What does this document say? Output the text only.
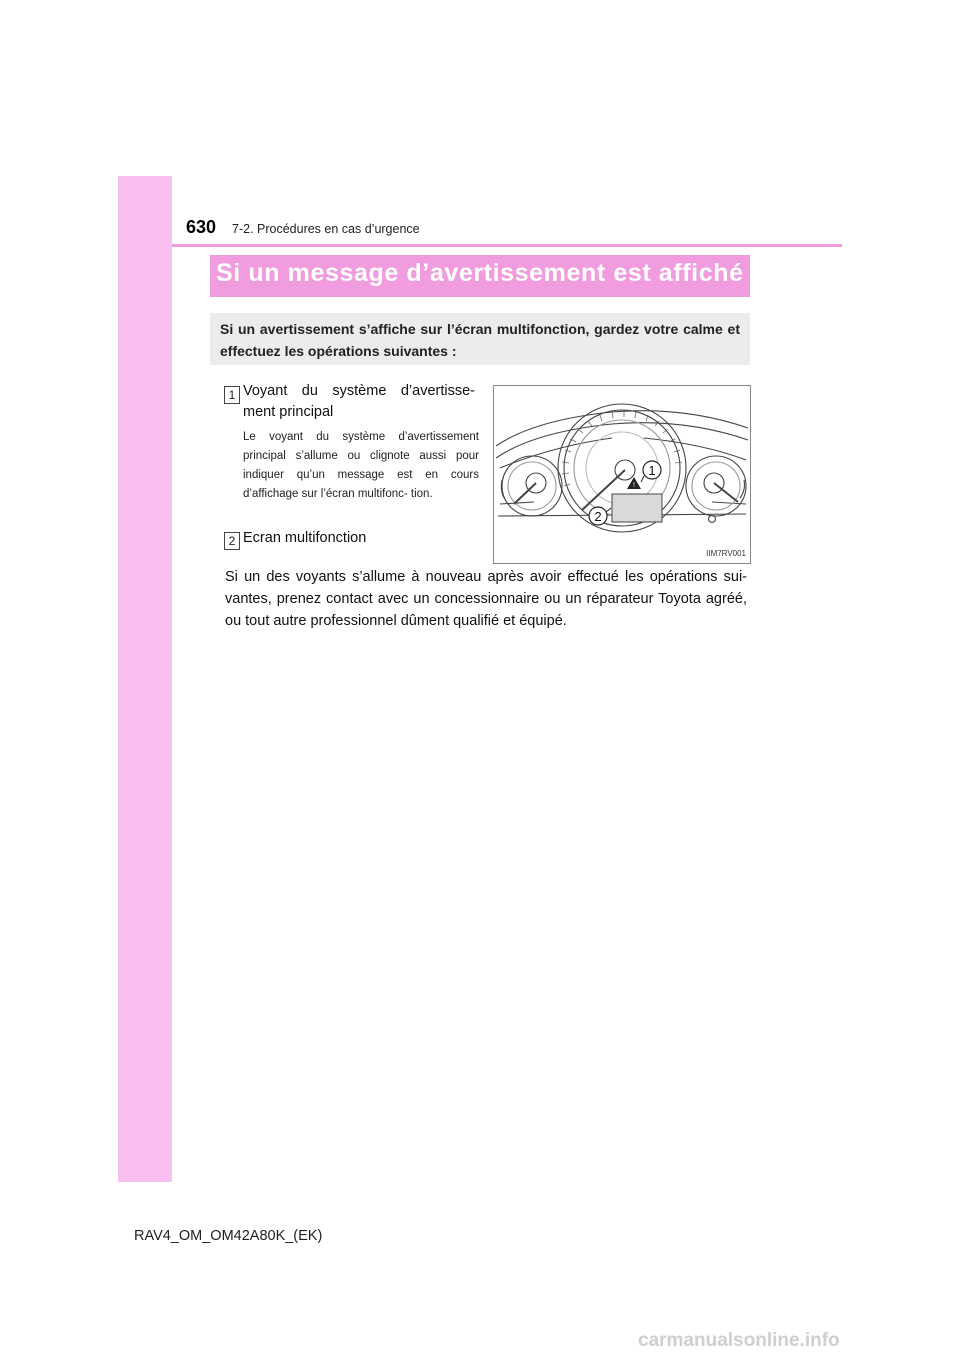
630 7-2. Procédures en cas d’urgence
Si un message d’avertissement est affiché

Si un avertissement s’affiche sur l’écran multifonction, gardez votre calme et effectuez les opérations suivantes :

1 Voyant du système d’avertisse- ment principal

Le voyant du système d’avertissement principal s’allume ou clignote aussi pour indiquer qu’un message est en cours d’affichage sur l’écran multifonc- tion.

2 Ecran multifonction

!
1
2
IIM7RV001

Si un des voyants s’allume à nouveau après avoir effectué les opérations sui- vantes, prenez contact avec un concessionnaire ou un réparateur Toyota agréé, ou tout autre professionnel dûment qualifié et équipé.

RAV4_OM_OM42A80K_(EK)
carmanualsonline.info
